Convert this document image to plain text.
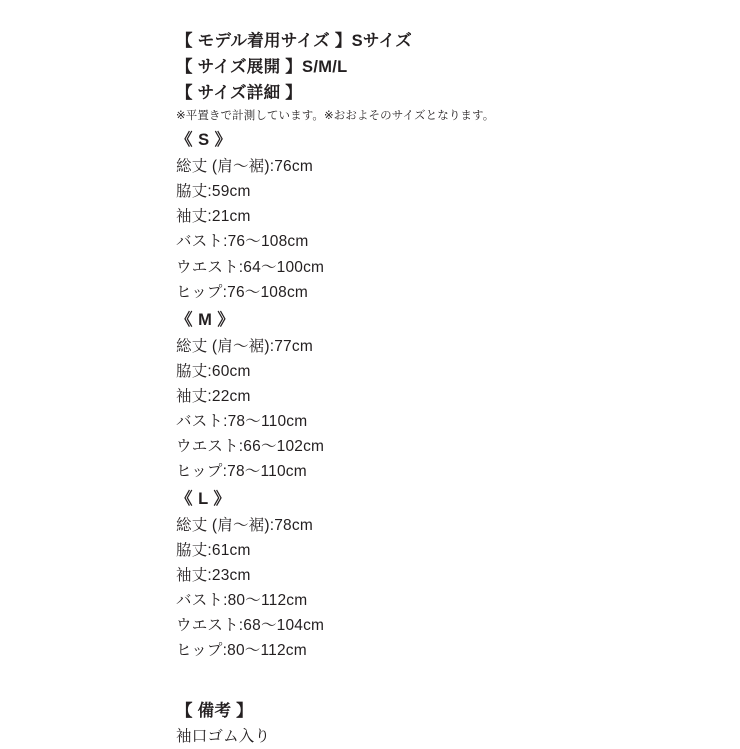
【 モデル着用サイズ 】Sサイズ
【 サイズ展開 】S/M/L
【 サイズ詳細 】
※平置きで計測しています。※おおよそのサイズとなります。
《 S 》
総丈 (肩〜裾):76cm
脇丈:59cm
袖丈:21cm
バスト:76〜108cm
ウエスト:64〜100cm
ヒップ:76〜108cm
《 M 》
総丈 (肩〜裾):77cm
脇丈:60cm
袖丈:22cm
バスト:78〜110cm
ウエスト:66〜102cm
ヒップ:78〜110cm
《 L 》
総丈 (肩〜裾):78cm
脇丈:61cm
袖丈:23cm
バスト:80〜112cm
ウエスト:68〜104cm
ヒップ:80〜112cm
【 備考 】
袖口ゴム入り
